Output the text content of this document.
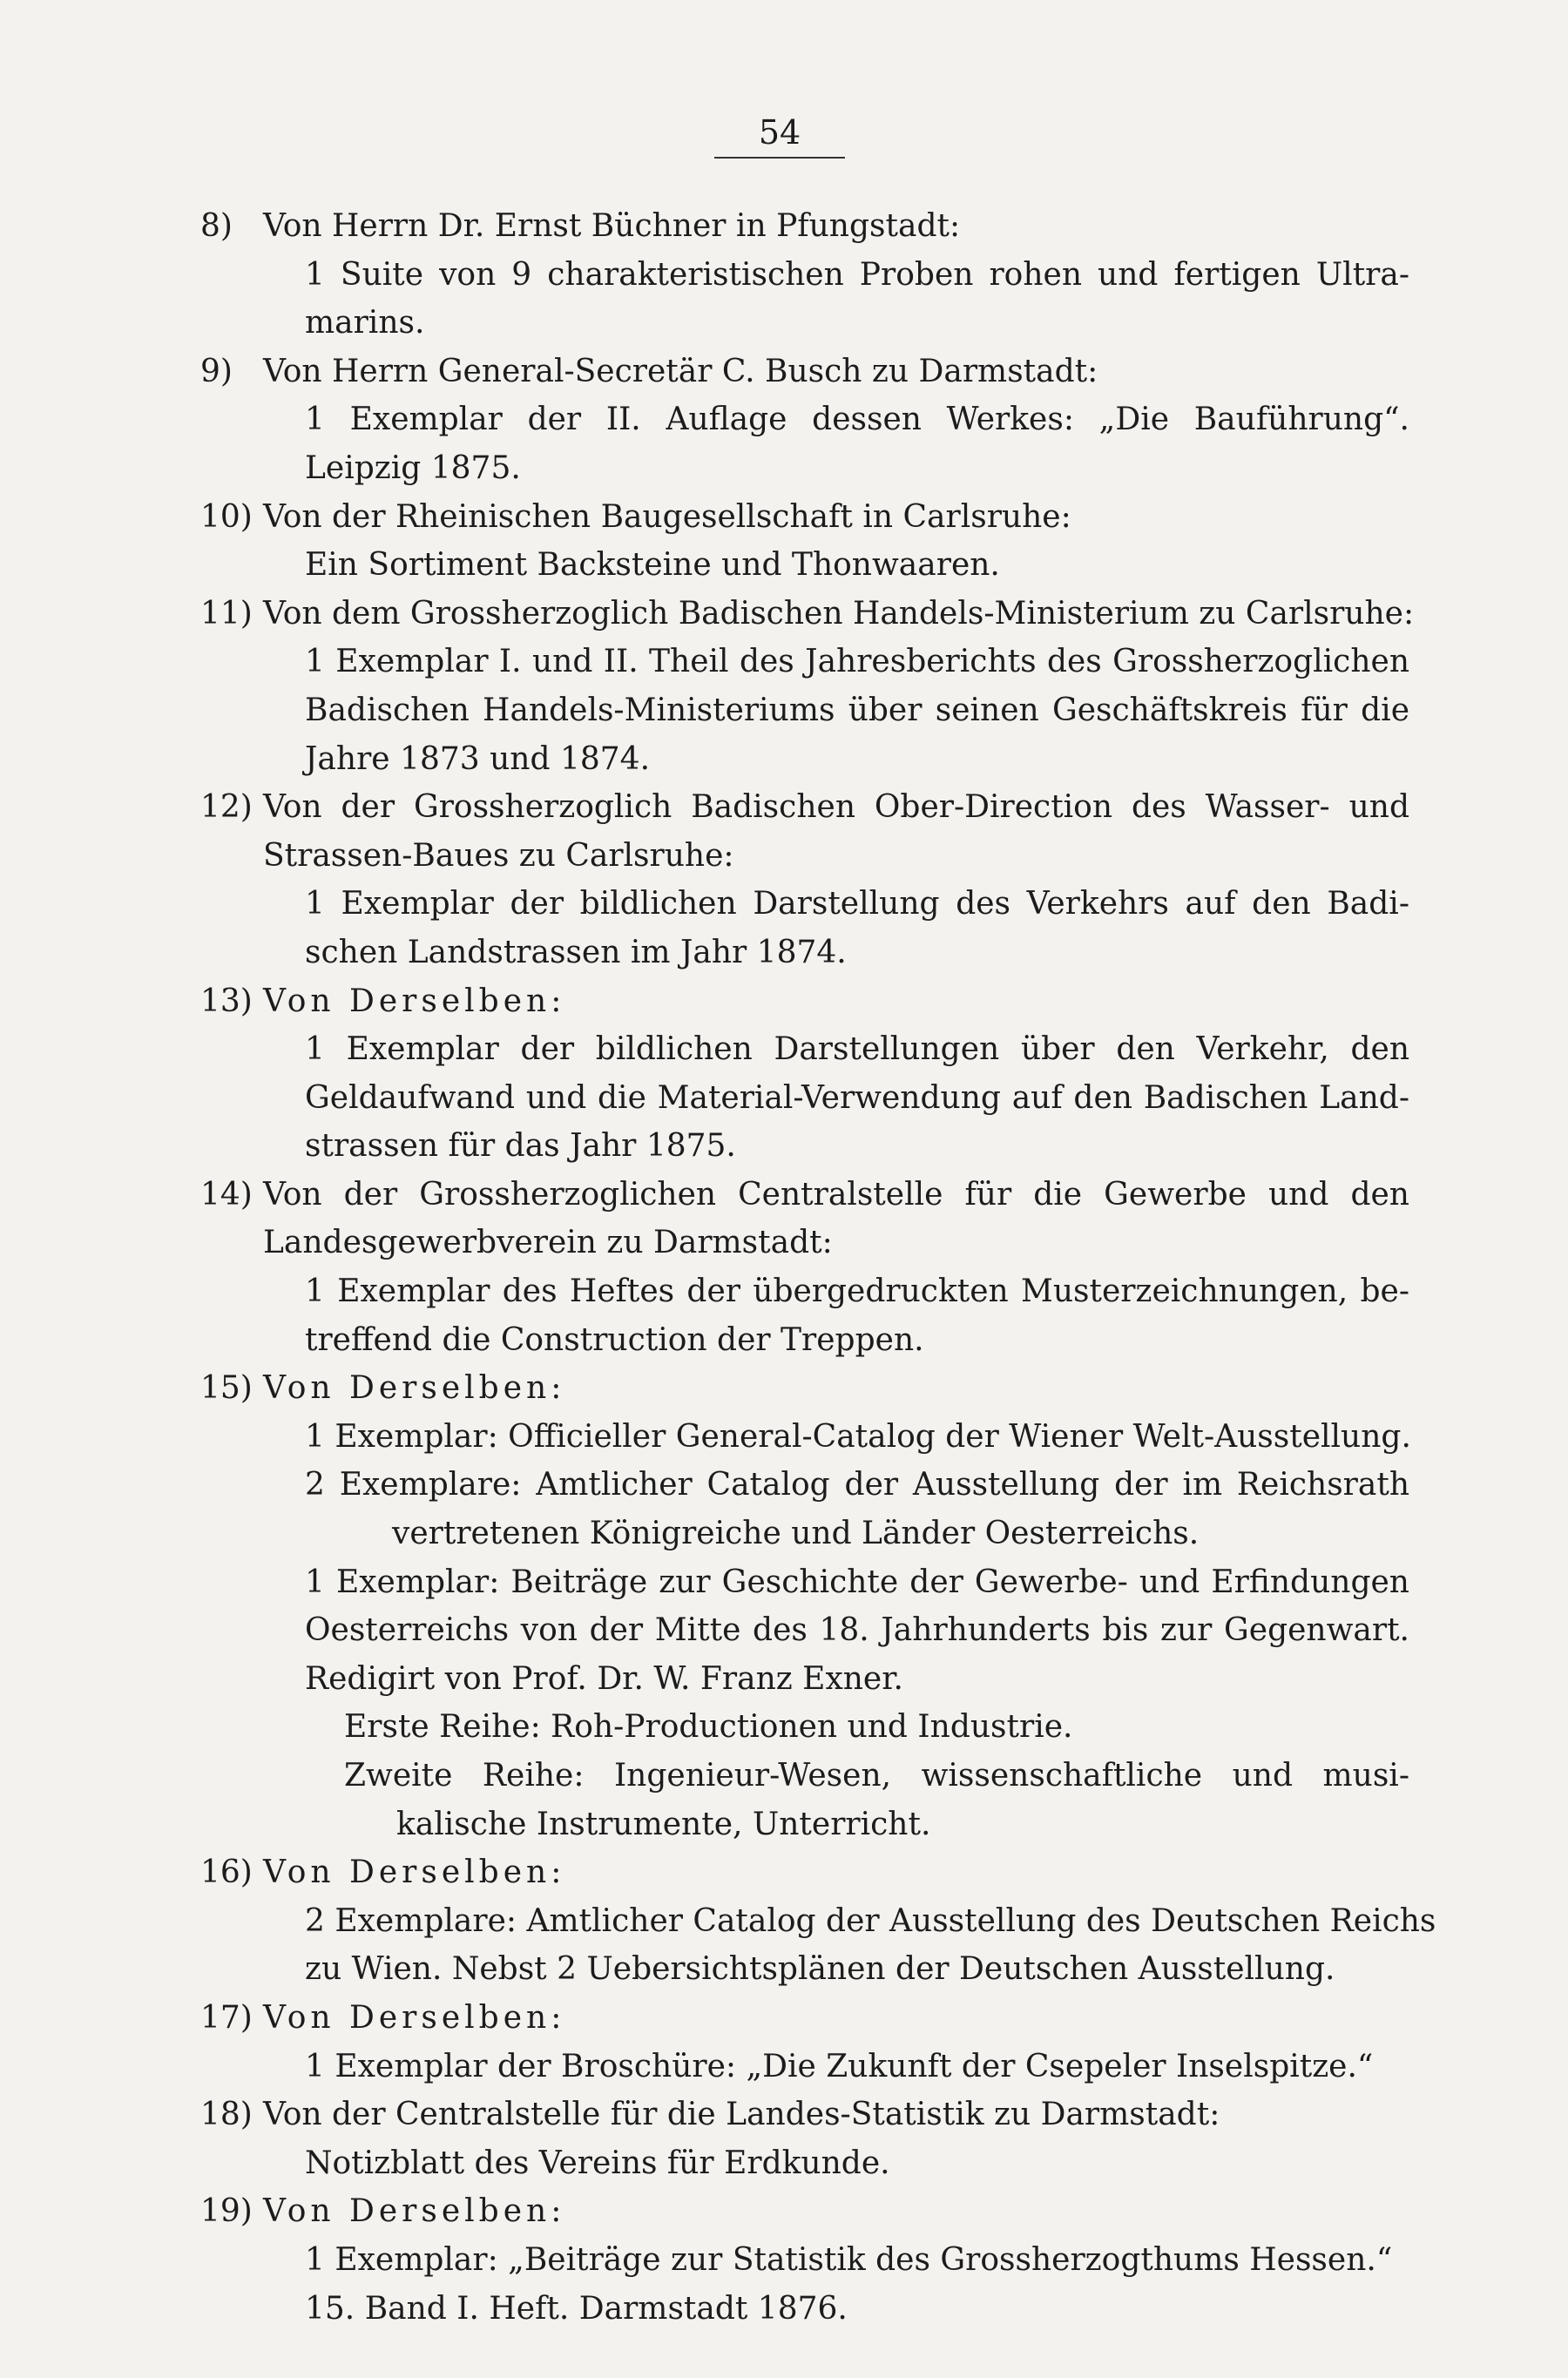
54
8) Von Herrn Dr. Ernst Büchner in Pfungstadt:
1 Suite von 9 charakteristischen Proben rohen und fertigen Ultra-
marins.
9) Von Herrn General-Secretär C. Busch zu Darmstadt:
1 Exemplar der II. Auflage dessen Werkes: „Die Bauführung“.
Leipzig 1875.
10) Von der Rheinischen Baugesellschaft in Carlsruhe:
Ein Sortiment Backsteine und Thonwaaren.
11) Von dem Grossherzoglich Badischen Handels-Ministerium zu Carlsruhe:
1 Exemplar I. und II. Theil des Jahresberichts des Grossherzoglichen
Badischen Handels-Ministeriums über seinen Geschäftskreis für die
Jahre 1873 und 1874.
12) Von der Grossherzoglich Badischen Ober-Direction des Wasser- und
Strassen-Baues zu Carlsruhe:
1 Exemplar der bildlichen Darstellung des Verkehrs auf den Badi-
schen Landstrassen im Jahr 1874.
13) Von Derselben:
1 Exemplar der bildlichen Darstellungen über den Verkehr, den
Geldaufwand und die Material-Verwendung auf den Badischen Land-
strassen für das Jahr 1875.
14) Von der Grossherzoglichen Centralstelle für die Gewerbe und den
Landesgewerbverein zu Darmstadt:
1 Exemplar des Heftes der übergedruckten Musterzeichnungen, be-
treffend die Construction der Treppen.
15) Von Derselben:
1 Exemplar: Officieller General-Catalog der Wiener Welt-Ausstellung.
2 Exemplare: Amtlicher Catalog der Ausstellung der im Reichsrath
vertretenen Königreiche und Länder Oesterreichs.
1 Exemplar: Beiträge zur Geschichte der Gewerbe- und Erfindungen
Oesterreichs von der Mitte des 18. Jahrhunderts bis zur Gegenwart.
Redigirt von Prof. Dr. W. Franz Exner.
Erste Reihe: Roh-Productionen und Industrie.
Zweite Reihe: Ingenieur-Wesen, wissenschaftliche und musi-
kalische Instrumente, Unterricht.
16) Von Derselben:
2 Exemplare: Amtlicher Catalog der Ausstellung des Deutschen Reichs
zu Wien. Nebst 2 Uebersichtsplänen der Deutschen Ausstellung.
17) Von Derselben:
1 Exemplar der Broschüre: „Die Zukunft der Csepeler Inselspitze.“
18) Von der Centralstelle für die Landes-Statistik zu Darmstadt:
Notizblatt des Vereins für Erdkunde.
19) Von Derselben:
1 Exemplar: „Beiträge zur Statistik des Grossherzogthums Hessen.“
15. Band I. Heft. Darmstadt 1876.
